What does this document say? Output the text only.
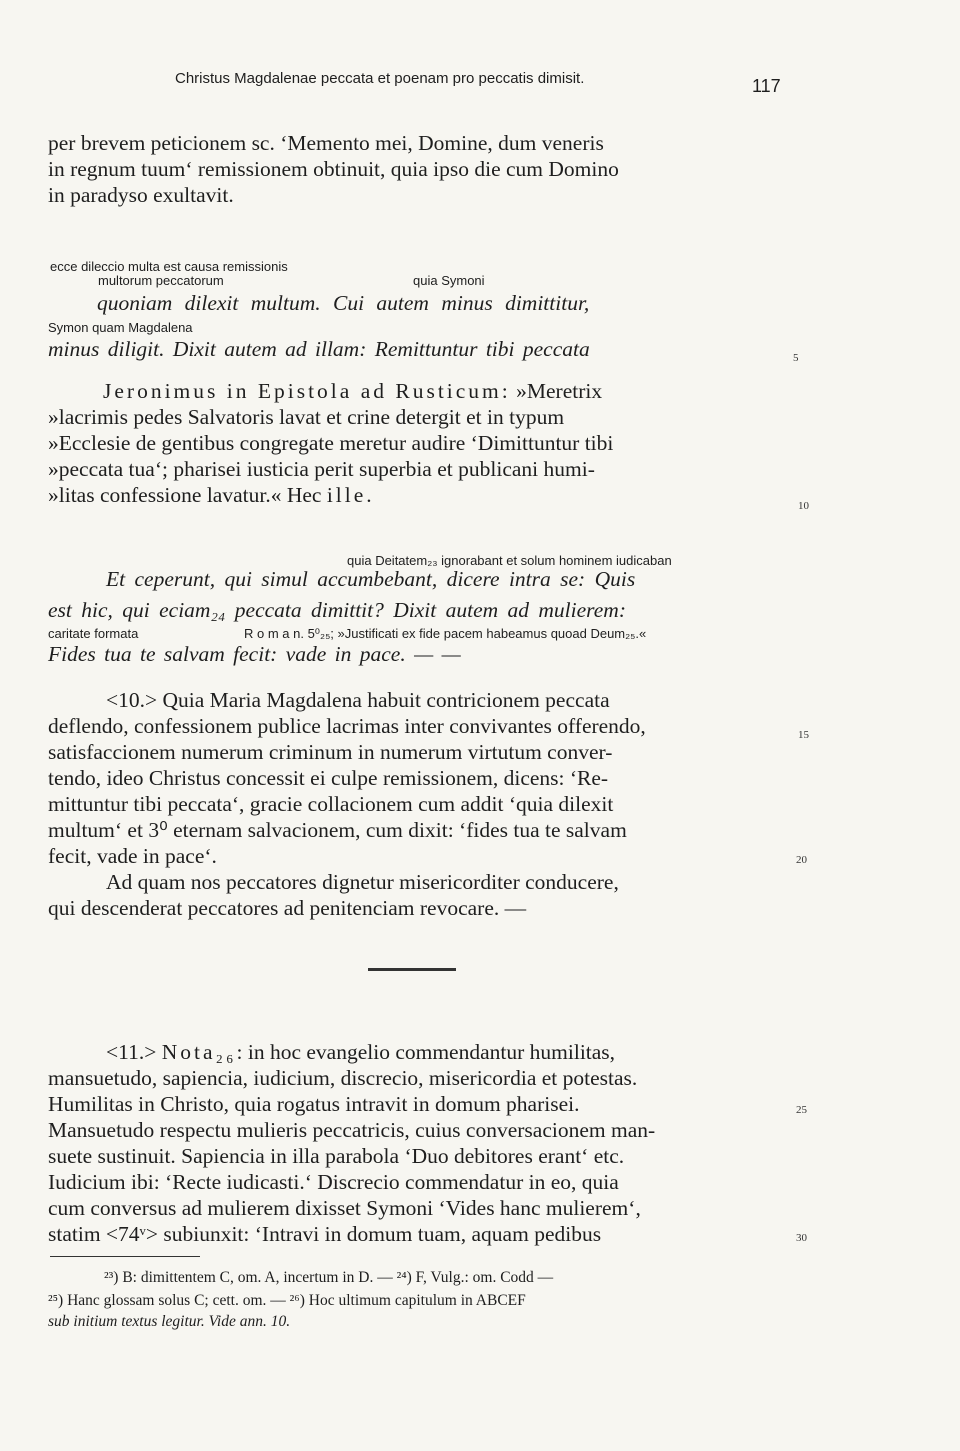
Christus Magdalenae peccata et poenam pro peccatis dimisit.	117

per brevem peticionem sc. ‘Memento mei, Domine, dum veneris

in regnum tuum‘ remissionem obtinuit, quia ipso die cum Domino

in paradyso exultavit.

ecce dileccio multa est causa remissionis

multorum peccatorum	quia Symoni

quoniam dilexit multum. Cui autem minus dimittitur,

Symon quam Magdalena

minus diligit. Dixit autem ad illam: Remittuntur tibi peccata	5

Jeronimus in Epistola ad Rusticum: »Meretrix

»lacrimis pedes Salvatoris lavat et crine detergit et in typum

»Ecclesie de gentibus congregate meretur audire ‘Dimittuntur tibi

»peccata tua‘; pharisei iusticia perit superbia et publicani humi-

»litas confessione lavatur.« Hec ille.	10

quia Deitatem₂₃ ignorabant et solum hominem iudicaban

Et ceperunt, qui simul accumbebant, dicere intra se: Quis

est hic, qui eciam₂₄ peccata dimittit? Dixit autem ad mulierem:

caritate formata	R o m a n. 5⁰₂₅; »Justificati ex fide pacem habeamus quoad Deum₂₅.«

Fides tua te salvam fecit: vade in pace. — —

<10.> Quia Maria Magdalena habuit contricionem peccata

deflendo, confessionem publice lacrimas inter convivantes offerendo,	15

satisfaccionem numerum criminum in numerum virtutum conver-

tendo, ideo Christus concessit ei culpe remissionem, dicens: ‘Re-

mittuntur tibi peccata‘, gracie collacionem cum addit ‘quia dilexit

multum‘ et 3⁰ eternam salvacionem, cum dixit: ‘fides tua te salvam

fecit, vade in pace‘.	20

Ad quam nos peccatores dignetur misericorditer conducere,

qui descenderat peccatores ad penitenciam revocare. —

<11.> Nota₂₆: in hoc evangelio commendantur humilitas,

mansuetudo, sapiencia, iudicium, discrecio, misericordia et potestas.

Humilitas in Christo, quia rogatus intravit in domum pharisei.	25

Mansuetudo respectu mulieris peccatricis, cuius conversacionem man-

suete sustinuit. Sapiencia in illa parabola ‘Duo debitores erant‘ etc.

Iudicium ibi: ‘Recte iudicasti.‘ Discrecio commendatur in eo, quia

cum conversus ad mulierem dixisset Symoni ‘Vides hanc mulierem‘,

statim <74ᵛ> subiunxit: ‘Intravi in domum tuam, aquam pedibus	30

²³) B: dimittentem C, om. A, incertum in D. — ²⁴) F, Vulg.: om. Codd —

²⁵) Hanc glossam solus C; cett. om. — ²⁶) Hoc ultimum capitulum in ABCEF

sub initium textus legitur. Vide ann. 10.
